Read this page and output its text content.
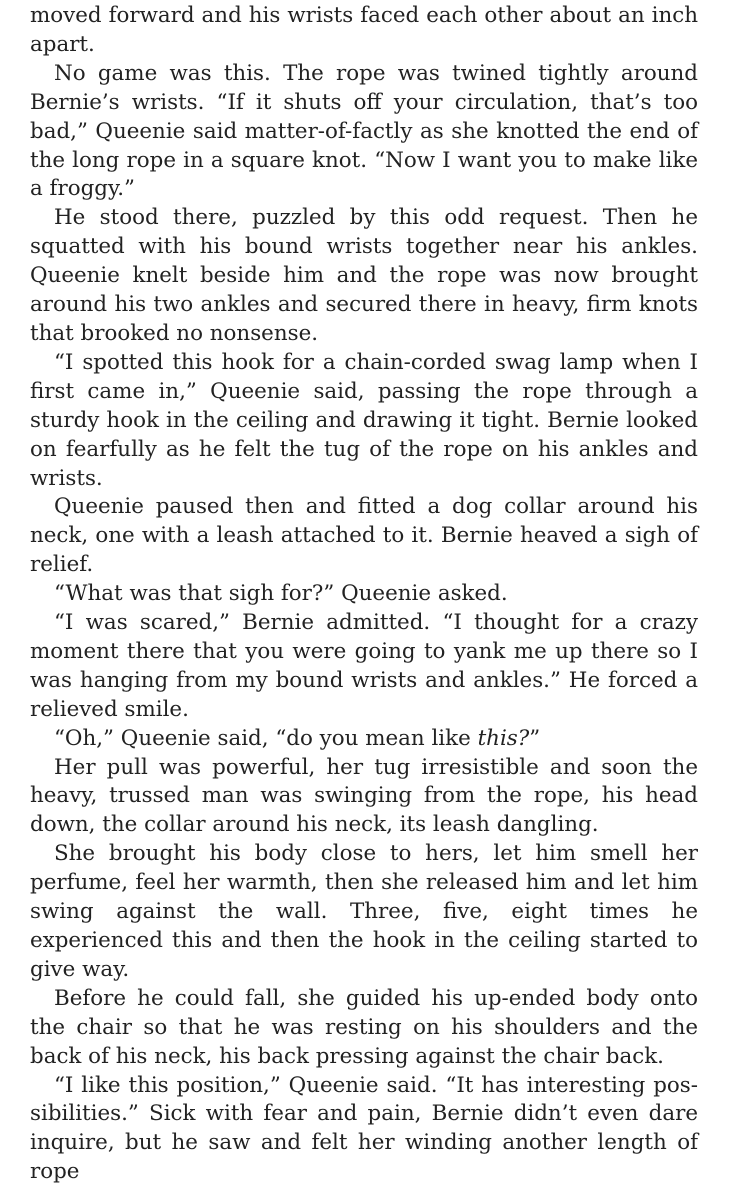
moved forward and his wrists faced each other about an inch apart.

No game was this. The rope was twined tightly around Bernie’s wrists. “If it shuts off your circulation, that’s too bad,” Queenie said matter-of-factly as she knotted the end of the long rope in a square knot. “Now I want you to make like a froggy.”

He stood there, puzzled by this odd request. Then he squatted with his bound wrists together near his ankles. Queenie knelt beside him and the rope was now brought around his two ankles and secured there in heavy, firm knots that brooked no nonsense.

“I spotted this hook for a chain-corded swag lamp when I first came in,” Queenie said, passing the rope through a sturdy hook in the ceiling and drawing it tight. Bernie looked on fearfully as he felt the tug of the rope on his ankles and wrists.

Queenie paused then and fitted a dog collar around his neck, one with a leash attached to it. Bernie heaved a sigh of relief.

“What was that sigh for?” Queenie asked.

“I was scared,” Bernie admitted. “I thought for a crazy moment there that you were going to yank me up there so I was hanging from my bound wrists and ankles.” He forced a relieved smile.

“Oh,” Queenie said, “do you mean like this?”

Her pull was powerful, her tug irresistible and soon the heavy, trussed man was swinging from the rope, his head down, the collar around his neck, its leash dangling.

She brought his body close to hers, let him smell her perfume, feel her warmth, then she released him and let him swing against the wall. Three, five, eight times he experienced this and then the hook in the ceiling started to give way.

Before he could fall, she guided his up-ended body onto the chair so that he was resting on his shoulders and the back of his neck, his back pressing against the chair back.

“I like this position,” Queenie said. “It has interesting possibilities.” Sick with fear and pain, Bernie didn’t even dare inquire, but he saw and felt her winding another length of rope
